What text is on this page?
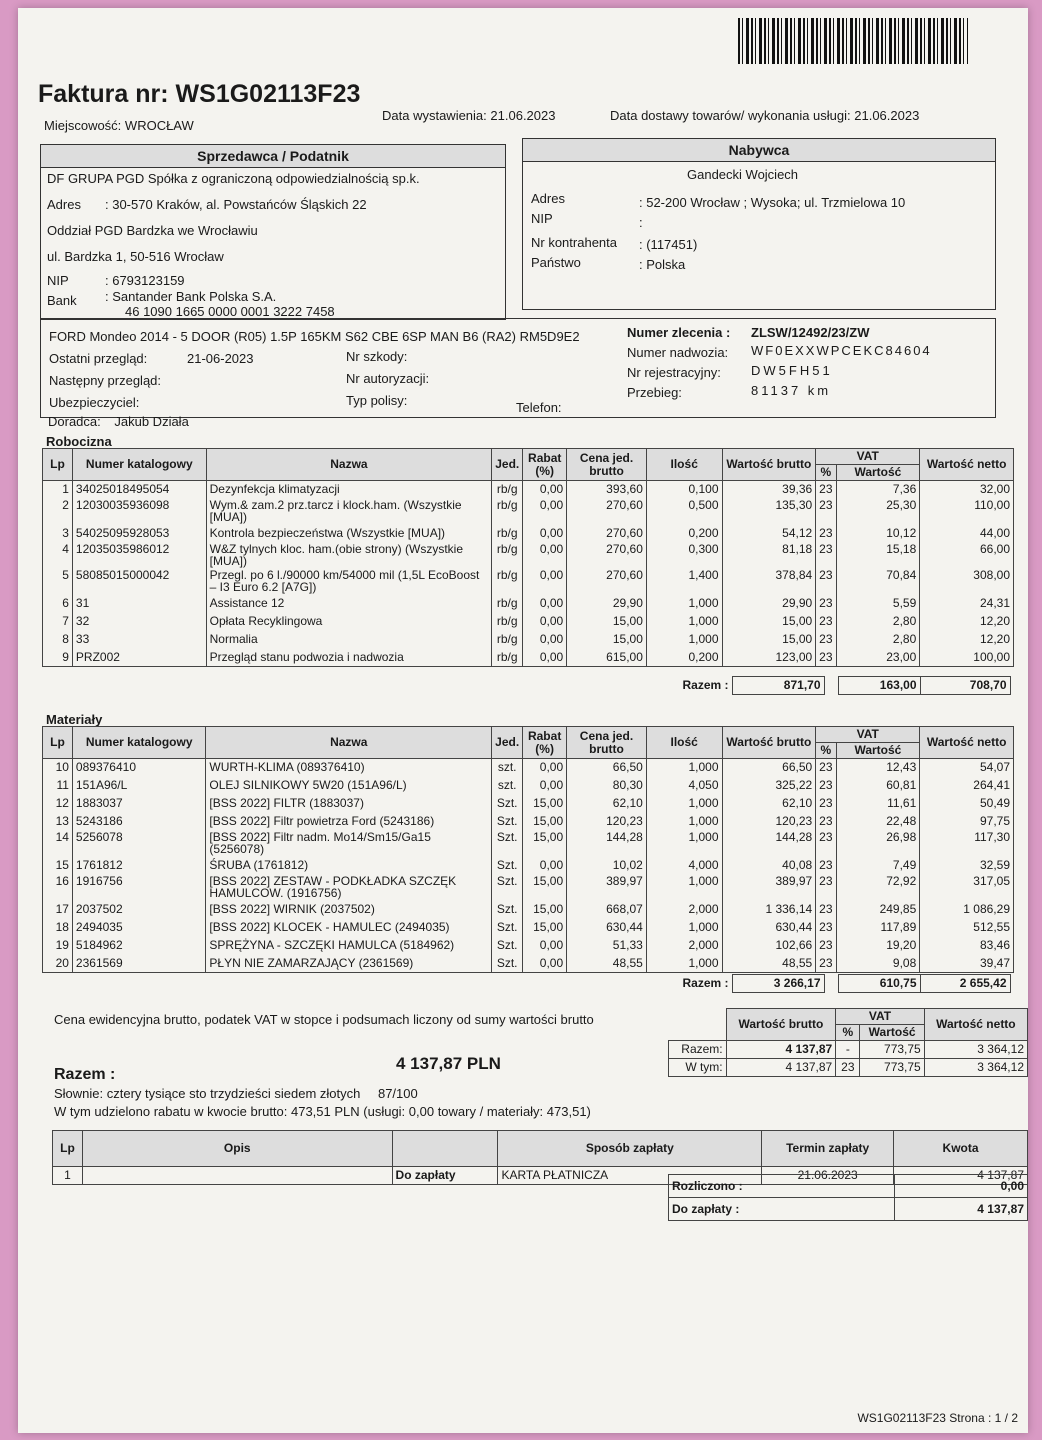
Faktura nr: WS1G02113F23
Miejscowość: WROCŁAW
Data wystawienia: 21.06.2023	Data dostawy towarów/ wykonania usługi: 21.06.2023
Sprzedawca / Podatnik
DF GRUPA PGD Spółka z ograniczoną odpowiedzialnością sp.k.
Adres : 30-570 Kraków, al. Powstańców Śląskich 22
Oddział PGD Bardzka we Wrocławiu
ul. Bardzka 1, 50-516 Wrocław
NIP	: 6793123159
Bank : Santander Bank Polska S.A.
46 1090 1665 0000 0001 3222 7458
Nabywca
Gandecki Wojciech
Adres	: 52-200 Wrocław ; Wysoka; ul. Trzmielowa 10
NIP	:
Nr kontrahenta : (117451)
Państwo	: Polska
FORD Mondeo 2014 - 5 DOOR (R05) 1.5P 165KM S62 CBE 6SP MAN B6 (RA2) RM5D9E2
Ostatni przegląd:	21-06-2023
Następny przegląd:
Ubezpieczyciel:
Nr szkody:
Nr autoryzacji:
Typ polisy:
Numer zlecenia : ZLSW/12492/23/ZW
Numer nadwozia: WF0EXXWPCEKC84604
Nr rejestracyjny: DW5FH51
Przebieg:	81137 km
Doradca: Jakub Działa
Telefon:
Robocizna
Lp	Numer katalogowy	Nazwa	Jed.	Rabat (%)	Cena jed. brutto	Ilość	Wartość brutto	VAT		Wartość netto
								%	Wartość	
1	34025018495054	Dezynfekcja klimatyzacji	rb/g	0,00	393,60	0,100	39,36	23	7,36	32,00
2	12030035936098	Wym.& zam.2 prz.tarcz i klock.ham. (Wszystkie [MUA])	rb/g	0,00	270,60	0,500	135,30	23	25,30	110,00
3	54025095928053	Kontrola bezpieczeństwa (Wszystkie [MUA])	rb/g	0,00	270,60	0,200	54,12	23	10,12	44,00
4	12035035986012	W&Z tylnych kloc. ham.(obie strony) (Wszystkie [MUA])	rb/g	0,00	270,60	0,300	81,18	23	15,18	66,00
5	58085015000042	Przegl. po 6 l./90000 km/54000 mil (1,5L EcoBoost – I3 Euro 6.2 [A7G])	rb/g	0,00	270,60	1,400	378,84	23	70,84	308,00
6	31	Assistance 12	rb/g	0,00	29,90	1,000	29,90	23	5,59	24,31
7	32	Opłata Recyklingowa	rb/g	0,00	15,00	1,000	15,00	23	2,80	12,20
8	33	Normalia	rb/g	0,00	15,00	1,000	15,00	23	2,80	12,20
9	PRZ002	Przegląd stanu podwozia i nadwozia	rb/g	0,00	615,00	0,200	123,00	23	23,00	100,00
Razem :	871,70		163,00	708,70
Materiały
Lp	Numer katalogowy	Nazwa	Jed.	Rabat (%)	Cena jed. brutto	Ilość	Wartość brutto	VAT		Wartość netto
								%	Wartość	
10	089376410	WURTH-KLIMA (089376410)	szt.	0,00	66,50	1,000	66,50	23	12,43	54,07
11	151A96/L	OLEJ SILNIKOWY 5W20 (151A96/L)	szt.	0,00	80,30	4,050	325,22	23	60,81	264,41
12	1883037	[BSS 2022] FILTR (1883037)	Szt.	15,00	62,10	1,000	62,10	23	11,61	50,49
13	5243186	[BSS 2022] Filtr powietrza Ford (5243186)	Szt.	15,00	120,23	1,000	120,23	23	22,48	97,75
14	5256078	[BSS 2022] Filtr nadm. Mo14/Sm15/Ga15 (5256078)	Szt.	15,00	144,28	1,000	144,28	23	26,98	117,30
15	1761812	ŚRUBA (1761812)	Szt.	0,00	10,02	4,000	40,08	23	7,49	32,59
16	1916756	[BSS 2022] ZESTAW - PODKŁADKA SZCZĘK HAMULCOW. (1916756)	Szt.	15,00	389,97	1,000	389,97	23	72,92	317,05
17	2037502	[BSS 2022] WIRNIK (2037502)	Szt.	15,00	668,07	2,000	1 336,14	23	249,85	1 086,29
18	2494035	[BSS 2022] KLOCEK - HAMULEC (2494035)	Szt.	15,00	630,44	1,000	630,44	23	117,89	512,55
19	5184962	SPRĘŻYNA - SZCZĘKI HAMULCA (5184962)	Szt.	0,00	51,33	2,000	102,66	23	19,20	83,46
20	2361569	PŁYN NIE ZAMARZAJĄCY (2361569)	Szt.	0,00	48,55	1,000	48,55	23	9,08	39,47
Razem :	3 266,17		610,75	2 655,42
Cena ewidencyjna brutto, podatek VAT w stopce i podsumach liczony od sumy wartości brutto
Razem :
4 137,87 PLN
Słownie: cztery tysiące sto trzydzieści siedem złotych 87/100
W tym udzielono rabatu w kwocie brutto: 473,51 PLN (usługi: 0,00 towary / materiały: 473,51)
	Wartość brutto	VAT		Wartość netto
		%	Wartość	
Razem:	4 137,87	-	773,75	3 364,12
W tym:	4 137,87	23	773,75	3 364,12
Lp	Opis		Sposób zapłaty	Termin zapłaty	Kwota
1		Do zapłaty	KARTA PŁATNICZA	21.06.2023	4 137,87
Rozliczono :	0,00
Do zapłaty :	4 137,87
WS1G02113F23 Strona : 1 / 2
